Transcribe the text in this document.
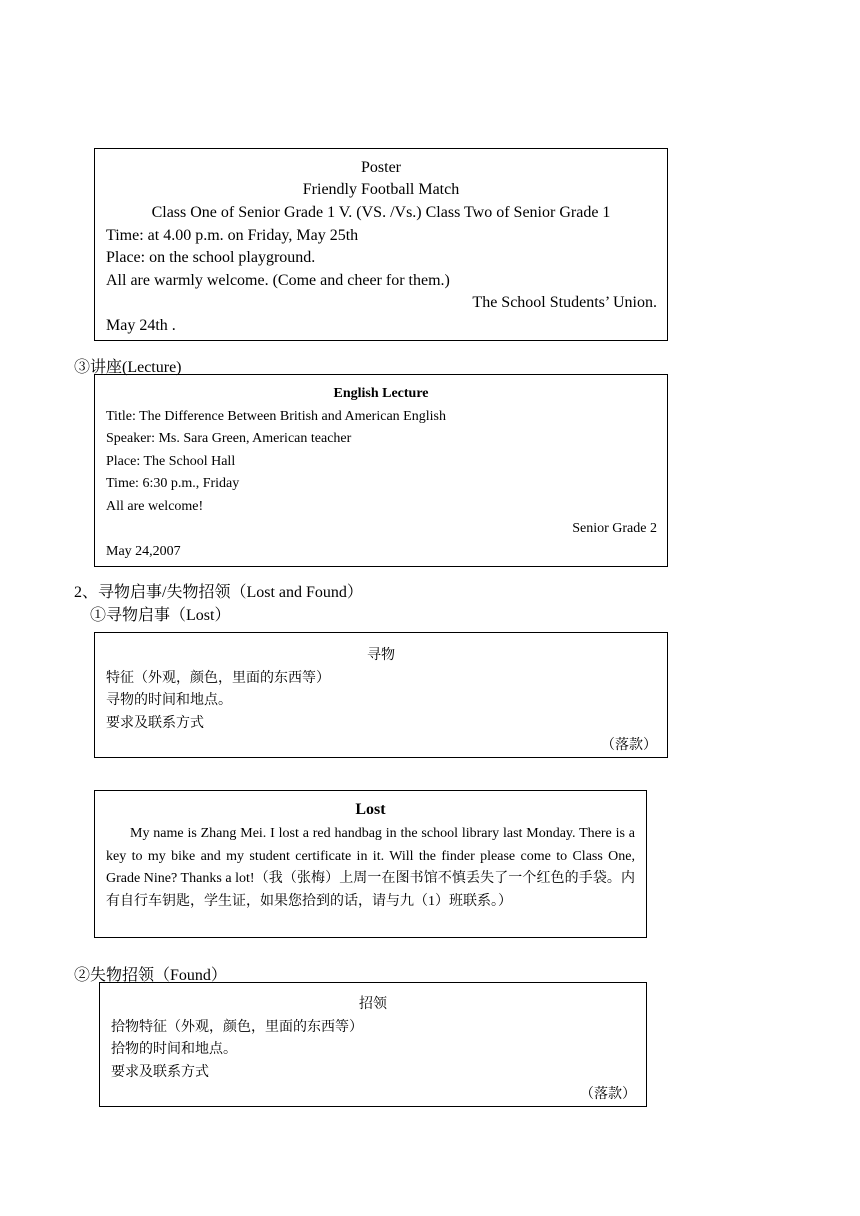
Poster
Friendly Football Match
Class One of Senior Grade 1 V. (VS. /Vs.) Class Two of Senior Grade 1
Time: at 4.00 p.m. on Friday, May 25th
Place: on the school playground.
All are warmly welcome. (Come and cheer for them.)
The School Students’ Union.
May 24th .
③讲座(Lecture)
English Lecture
Title: The Difference Between British and American English
Speaker: Ms. Sara Green, American teacher
Place: The School Hall
Time: 6:30 p.m., Friday
All are welcome!
Senior Grade 2
May 24,2007
2、寻物启事/失物招领（Lost and Found）
①寻物启事（Lost）
寻物
特征（外观，颜色，里面的东西等）
寻物的时间和地点。
要求及联系方式
（落款）
Lost
My name is Zhang Mei. I lost a red handbag in the school library last Monday. There is a key to my bike and my student certificate in it. Will the finder please come to Class One, Grade Nine? Thanks a lot!（我（张梅）上周一在图书馆不慎丢失了一个红色的手袋。内有自行车钥匙，学生证，如果您拾到的话，请与九（1）班联系。）
②失物招领（Found）
招领
拾物特征（外观，颜色，里面的东西等）
拾物的时间和地点。
要求及联系方式
（落款）
